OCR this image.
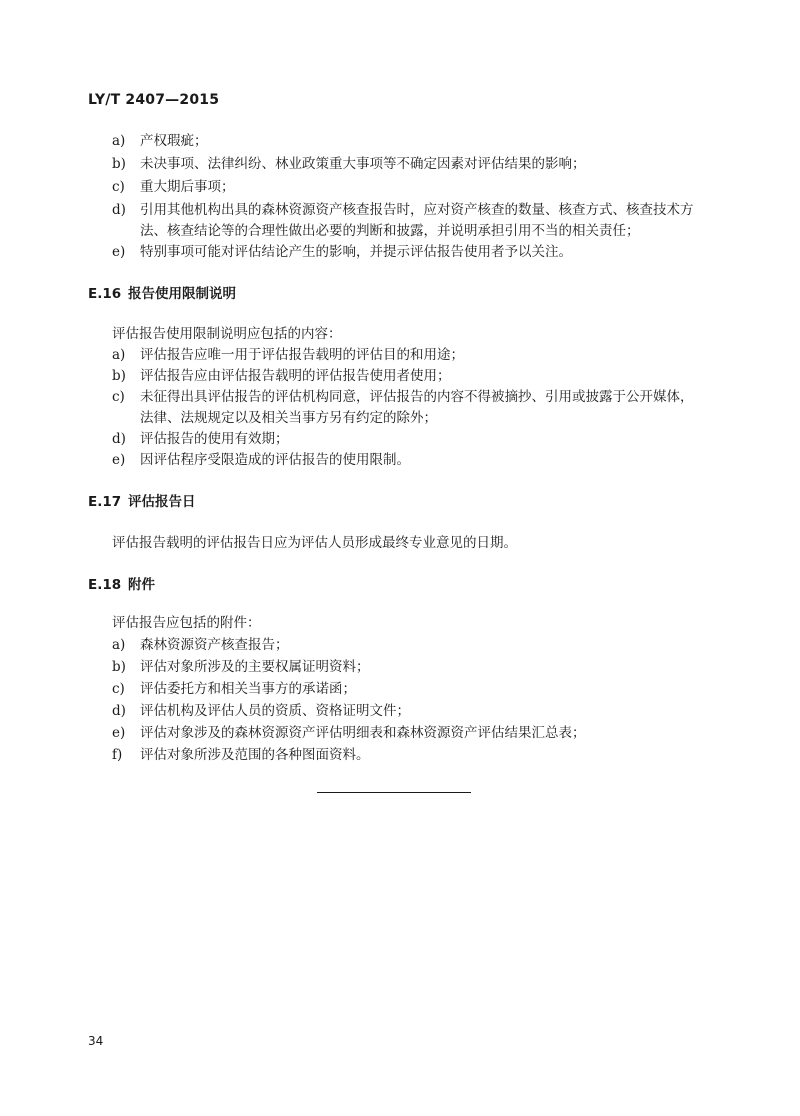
LY/T 2407—2015
a) 产权瑕疵；
b) 未决事项、法律纠纷、林业政策重大事项等不确定因素对评估结果的影响；
c) 重大期后事项；
d) 引用其他机构出具的森林资源资产核查报告时，应对资产核查的数量、核查方式、核查技术方
法、核查结论等的合理性做出必要的判断和披露，并说明承担引用不当的相关责任；
e) 特别事项可能对评估结论产生的影响，并提示评估报告使用者予以关注。
E.16 报告使用限制说明
评估报告使用限制说明应包括的内容：
a) 评估报告应唯一用于评估报告载明的评估目的和用途；
b) 评估报告应由评估报告载明的评估报告使用者使用；
c) 未征得出具评估报告的评估机构同意，评估报告的内容不得被摘抄、引用或披露于公开媒体，
法律、法规规定以及相关当事方另有约定的除外；
d) 评估报告的使用有效期；
e) 因评估程序受限造成的评估报告的使用限制。
E.17 评估报告日
评估报告载明的评估报告日应为评估人员形成最终专业意见的日期。
E.18 附件
评估报告应包括的附件：
a) 森林资源资产核查报告；
b) 评估对象所涉及的主要权属证明资料；
c) 评估委托方和相关当事方的承诺函；
d) 评估机构及评估人员的资质、资格证明文件；
e) 评估对象涉及的森林资源资产评估明细表和森林资源资产评估结果汇总表；
f) 评估对象所涉及范围的各种图面资料。
34
